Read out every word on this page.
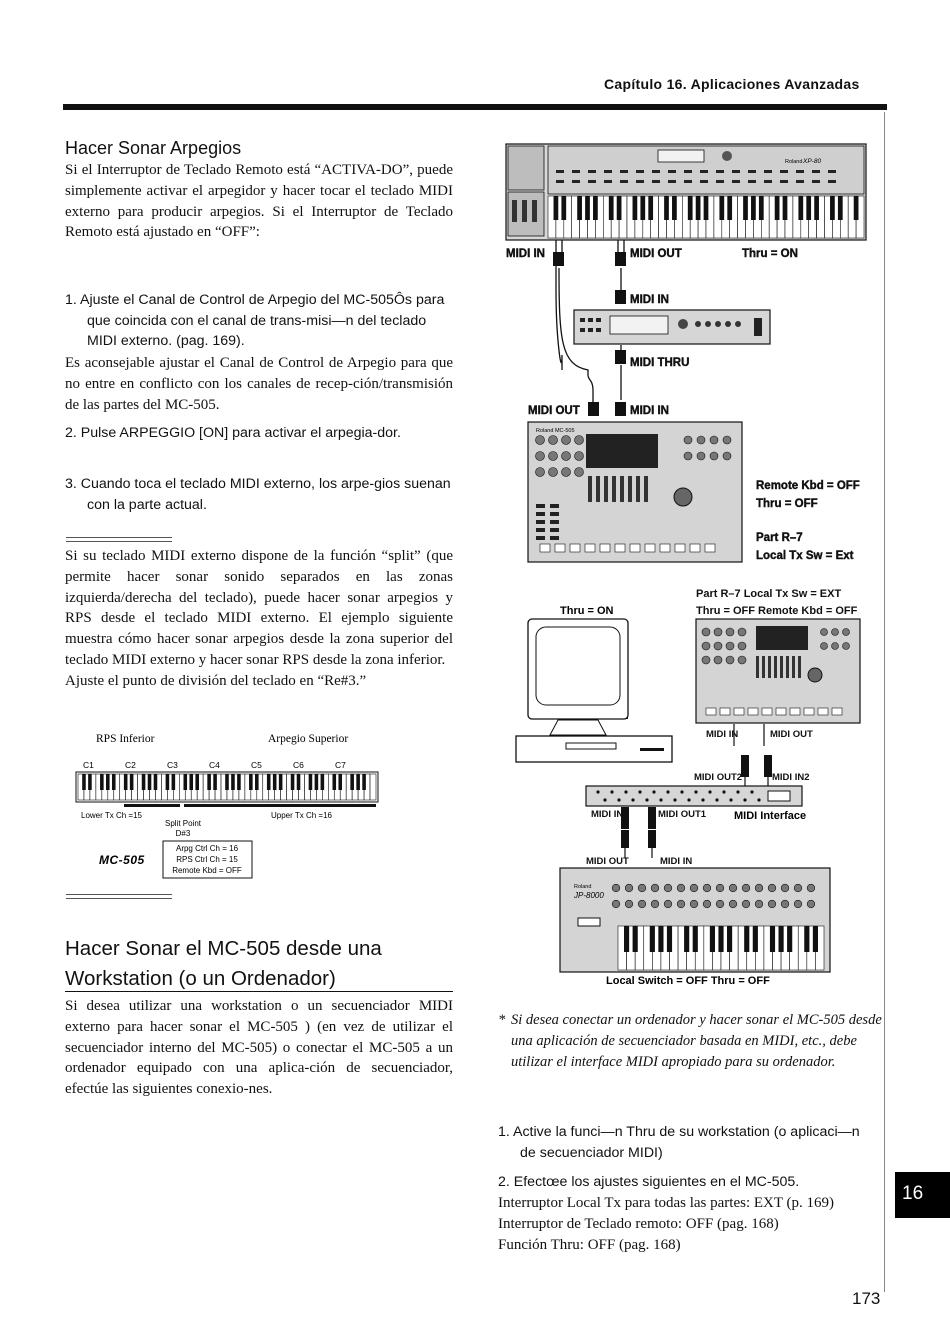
Capítulo 16. Aplicaciones Avanzadas
Hacer Sonar Arpegios
Si el Interruptor de Teclado Remoto está “ACTIVA-DO”, puede simplemente activar el arpegidor y hacer tocar el teclado MIDI externo para producir arpegios. Si el Interruptor de Teclado Remoto está ajustado en “OFF”:
1. Ajuste el Canal de Control de Arpegio del MC-505Ôs para que coincida con el canal de trans-misi—n del teclado MIDI externo. (pag. 169).
Es aconsejable ajustar el Canal de Control de Arpegio para que no entre en conflicto con los canales de recep-ción/transmisión de las partes del MC-505.
2. Pulse ARPEGGIO [ON] para activar el arpegia-dor.
3. Cuando toca el teclado MIDI externo, los arpe-gios suenan con la parte actual.
Si su teclado MIDI externo dispone de la función “split” (que permite hacer sonar sonido separados en las zonas izquierda/derecha del teclado), puede hacer sonar arpegios y RPS desde el teclado MIDI externo. El ejemplo siguiente muestra cómo hacer sonar arpegios desde la zona superior del teclado MIDI externo y hacer sonar RPS desde la zona inferior.
Ajuste el punto de división del teclado en “Re#3.”
RPS Inferior	Arpegio Superior
C1	C2	C3	C4	C5	C6	C7
Lower Tx Ch =15	Upper Tx Ch =16
Split Point
D#3
MC-505
Arpg Ctrl Ch = 16
RPS Ctrl Ch = 15
Remote Kbd = OFF
Hacer Sonar el MC-505 desde una
Workstation (o un Ordenador)
Si desea utilizar una workstation o un secuenciador MIDI externo para hacer sonar el MC-505 ) (en vez de utilizar el secuenciador interno del MC-505) o conectar el MC-505 a un ordenador equipado con una aplica-ción de secuenciador, efectúe las siguientes conexio-nes.
Roland XP-80
MIDI IN	MIDI OUT	Thru = ON
MIDI IN
MIDI THRU
MIDI OUT	MIDI IN
Remote Kbd = OFF
Thru = OFF
Part R–7
Local Tx Sw = Ext
Roland MC-505
Thru = ON
Part R–7 Local Tx Sw = EXT
Thru = OFF Remote Kbd = OFF
MIDI IN	MIDI OUT
MIDI OUT2	MIDI IN2
MIDI IN1	MIDI OUT1
MIDI OUT	MIDI IN
MIDI Interface
Roland
JP-8000
Local Switch = OFF Thru = OFF
* Si desea conectar un ordenador y hacer sonar el MC-505 desde una aplicación de secuenciador basada en MIDI, etc., debe utilizar el interface MIDI apropiado para su ordenador.
1. Active la funci—n Thru de su workstation (o aplicaci—n de secuenciador MIDI)
2. Efectœe los ajustes siguientes en el MC-505.
Interruptor Local Tx para todas las partes: EXT (p. 169)
Interruptor de Teclado remoto: OFF (pag. 168)
Función Thru: OFF (pag. 168)
16
173
